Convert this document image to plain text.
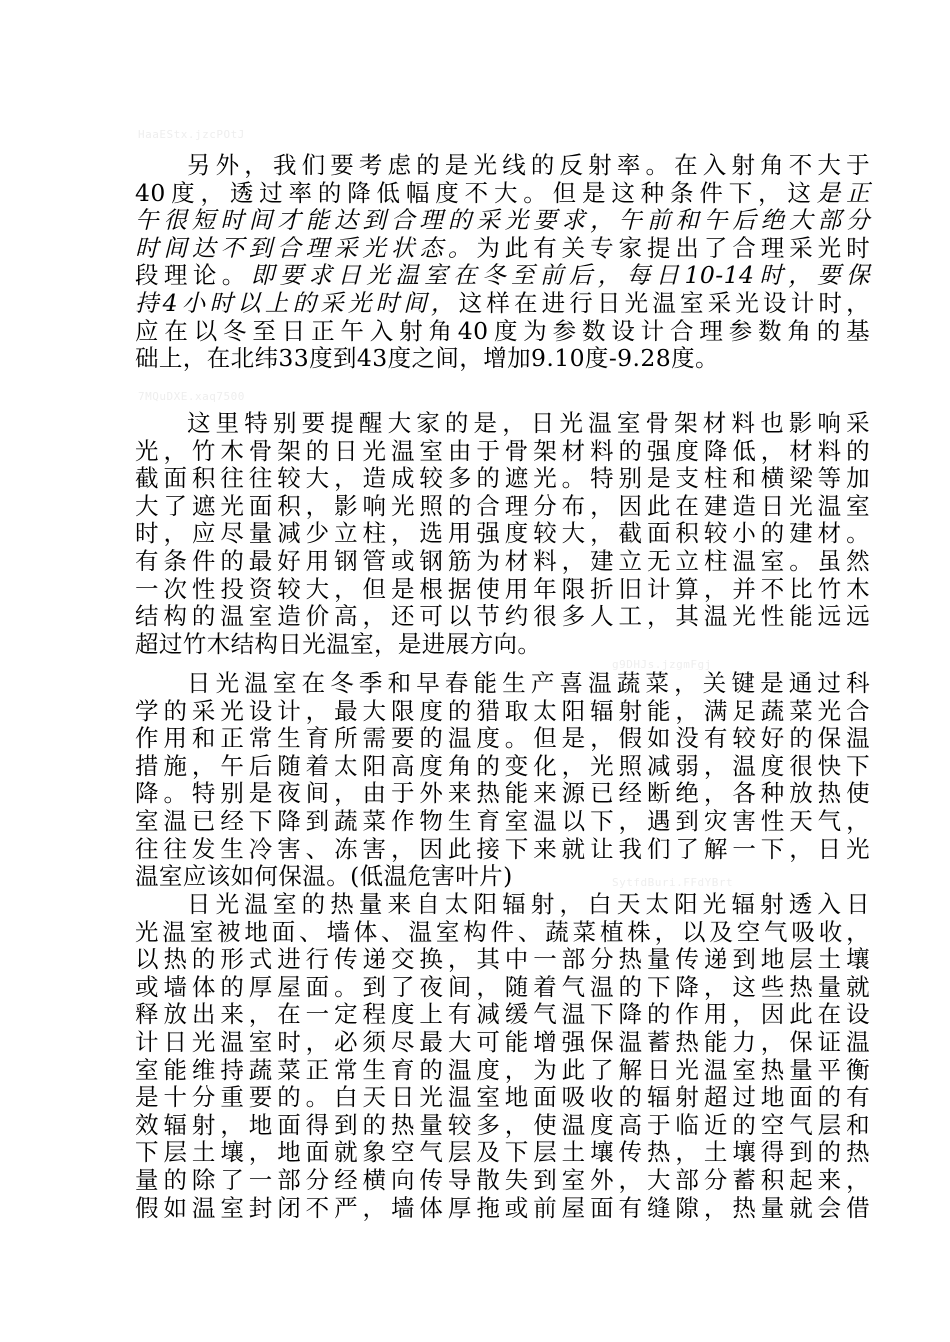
HaaEStx.jzcPOtJ
7MQuDXE.xaq7500
g9DHJs.jzgmFgj
SytfdBuri.FFdYBrt
另外，我们要考虑的是光线的反射率。在入射角不大于
40度，透过率的降低幅度不大。但是这种条件下，这是正
午很短时间才能达到合理的采光要求，午前和午后绝大部分
时间达不到合理采光状态。为此有关专家提出了合理采光时
段理论。即要求日光温室在冬至前后，每日10-14时，要保
持4小时以上的采光时间，这样在进行日光温室采光设计时，
应在以冬至日正午入射角40度为参数设计合理参数角的基
础上，在北纬33度到43度之间，增加9.10度-9.28度。
这里特别要提醒大家的是，日光温室骨架材料也影响采
光，竹木骨架的日光温室由于骨架材料的强度降低，材料的
截面积往往较大，造成较多的遮光。特别是支柱和横梁等加
大了遮光面积，影响光照的合理分布，因此在建造日光温室
时，应尽量减少立柱，选用强度较大，截面积较小的建材。
有条件的最好用钢管或钢筋为材料，建立无立柱温室。虽然
一次性投资较大，但是根据使用年限折旧计算，并不比竹木
结构的温室造价高，还可以节约很多人工，其温光性能远远
超过竹木结构日光温室，是进展方向。
日光温室在冬季和早春能生产喜温蔬菜，关键是通过科
学的采光设计，最大限度的猎取太阳辐射能，满足蔬菜光合
作用和正常生育所需要的温度。但是，假如没有较好的保温
措施，午后随着太阳高度角的变化，光照减弱，温度很快下
降。特别是夜间，由于外来热能来源已经断绝，各种放热使
室温已经下降到蔬菜作物生育室温以下，遇到灾害性天气，
往往发生冷害、冻害，因此接下来就让我们了解一下，日光
温室应该如何保温。(低温危害叶片)
日光温室的热量来自太阳辐射，白天太阳光辐射透入日
光温室被地面、墙体、温室构件、蔬菜植株，以及空气吸收，
以热的形式进行传递交换，其中一部分热量传递到地层土壤
或墙体的厚屋面。到了夜间，随着气温的下降，这些热量就
释放出来，在一定程度上有减缓气温下降的作用，因此在设
计日光温室时，必须尽最大可能增强保温蓄热能力，保证温
室能维持蔬菜正常生育的温度，为此了解日光温室热量平衡
是十分重要的。白天日光温室地面吸收的辐射超过地面的有
效辐射，地面得到的热量较多，使温度高于临近的空气层和
下层土壤，地面就象空气层及下层土壤传热，土壤得到的热
量的除了一部分经横向传导散失到室外，大部分蓄积起来，
假如温室封闭不严，墙体厚拖或前屋面有缝隙，热量就会借
